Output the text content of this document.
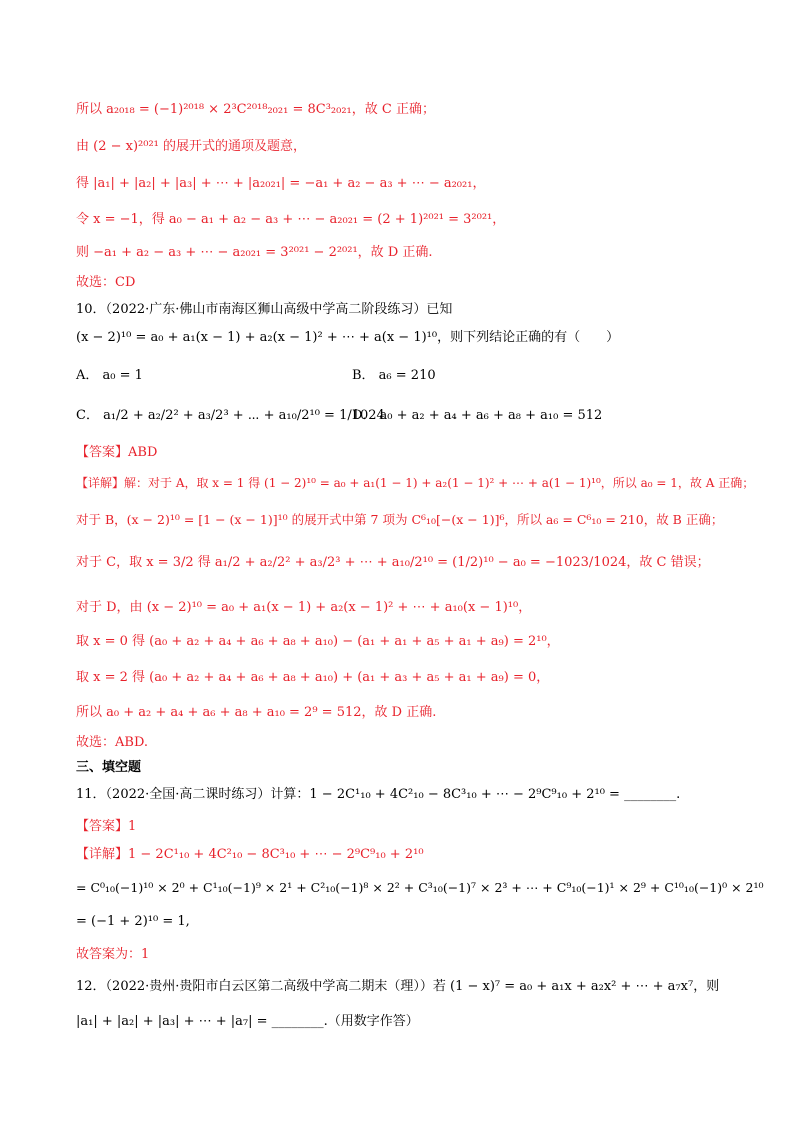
所以 a₂₀₁₈ = (−1)²⁰¹⁸ × 2³C²⁰¹⁸₂₀₂₁ = 8C³₂₀₂₁，故 C 正确；
由 (2 − x)²⁰²¹ 的展开式的通项及题意，
得 |a₁| + |a₂| + |a₃| + ⋯ + |a₂₀₂₁| = −a₁ + a₂ − a₃ + ⋯ − a₂₀₂₁，
令 x = −1，得 a₀ − a₁ + a₂ − a₃ + ⋯ − a₂₀₂₁ = (2 + 1)²⁰²¹ = 3²⁰²¹，
则 −a₁ + a₂ − a₃ + ⋯ − a₂₀₂₁ = 3²⁰²¹ − 2²⁰²¹，故 D 正确.
故选：CD
10．（2022·广东·佛山市南海区狮山高级中学高二阶段练习）已知
(x − 2)¹⁰ = a₀ + a₁(x − 1) + a₂(x − 1)² + ⋯ + a(x − 1)¹⁰，则下列结论正确的有（　　）
A． a₀ = 1	B． a₆ = 210
C． a₁/2 + a₂/2² + a₃/2³ + ⋯ + a₁₀/2¹⁰ = 1/1024
D． a₀ + a₂ + a₄ + a₆ + a₈ + a₁₀ = 512
【答案】ABD
【详解】解：对于 A，取 x = 1 得 (1 − 2)¹⁰ = a₀ + a₁(1 − 1) + a₂(1 − 1)² + ⋯ + a(1 − 1)¹⁰，所以 a₀ = 1，故 A 正确；
对于 B，(x − 2)¹⁰ = [1 − (x − 1)]¹⁰ 的展开式中第 7 项为 C⁶₁₀[−(x − 1)]⁶，所以 a₆ = C⁶₁₀ = 210，故 B 正确；
对于 C，取 x = 3/2 得 a₁/2 + a₂/2² + a₃/2³ + ⋯ + a₁₀/2¹⁰ = (1/2)¹⁰ − a₀ = −1023/1024，故 C 错误；
对于 D，由 (x − 2)¹⁰ = a₀ + a₁(x − 1) + a₂(x − 1)² + ⋯ + a₁₀(x − 1)¹⁰，
取 x = 0 得 (a₀ + a₂ + a₄ + a₆ + a₈ + a₁₀) − (a₁ + a₁ + a₅ + a₁ + a₉) = 2¹⁰，
取 x = 2 得 (a₀ + a₂ + a₄ + a₆ + a₈ + a₁₀) + (a₁ + a₃ + a₅ + a₁ + a₉) = 0，
所以 a₀ + a₂ + a₄ + a₆ + a₈ + a₁₀ = 2⁹ = 512，故 D 正确.
故选：ABD.
三、填空题
11．（2022·全国·高二课时练习）计算：1 − 2C¹₁₀ + 4C²₁₀ − 8C³₁₀ + ⋯ − 2⁹C⁹₁₀ + 2¹⁰ = ________.
【答案】1
【详解】1 − 2C¹₁₀ + 4C²₁₀ − 8C³₁₀ + ⋯ − 2⁹C⁹₁₀ + 2¹⁰
= C⁰₁₀(−1)¹⁰ × 2⁰ + C¹₁₀(−1)⁹ × 2¹ + C²₁₀(−1)⁸ × 2² + C³₁₀(−1)⁷ × 2³ + ⋯ + C⁹₁₀(−1)¹ × 2⁹ + C¹⁰₁₀(−1)⁰ × 2¹⁰
= (−1 + 2)¹⁰ = 1,
故答案为：1
12．（2022·贵州·贵阳市白云区第二高级中学高二期末（理））若 (1 − x)⁷ = a₀ + a₁x + a₂x² + ⋯ + a₇x⁷，则
|a₁| + |a₂| + |a₃| + ⋯ + |a₇| = ________.（用数字作答）
